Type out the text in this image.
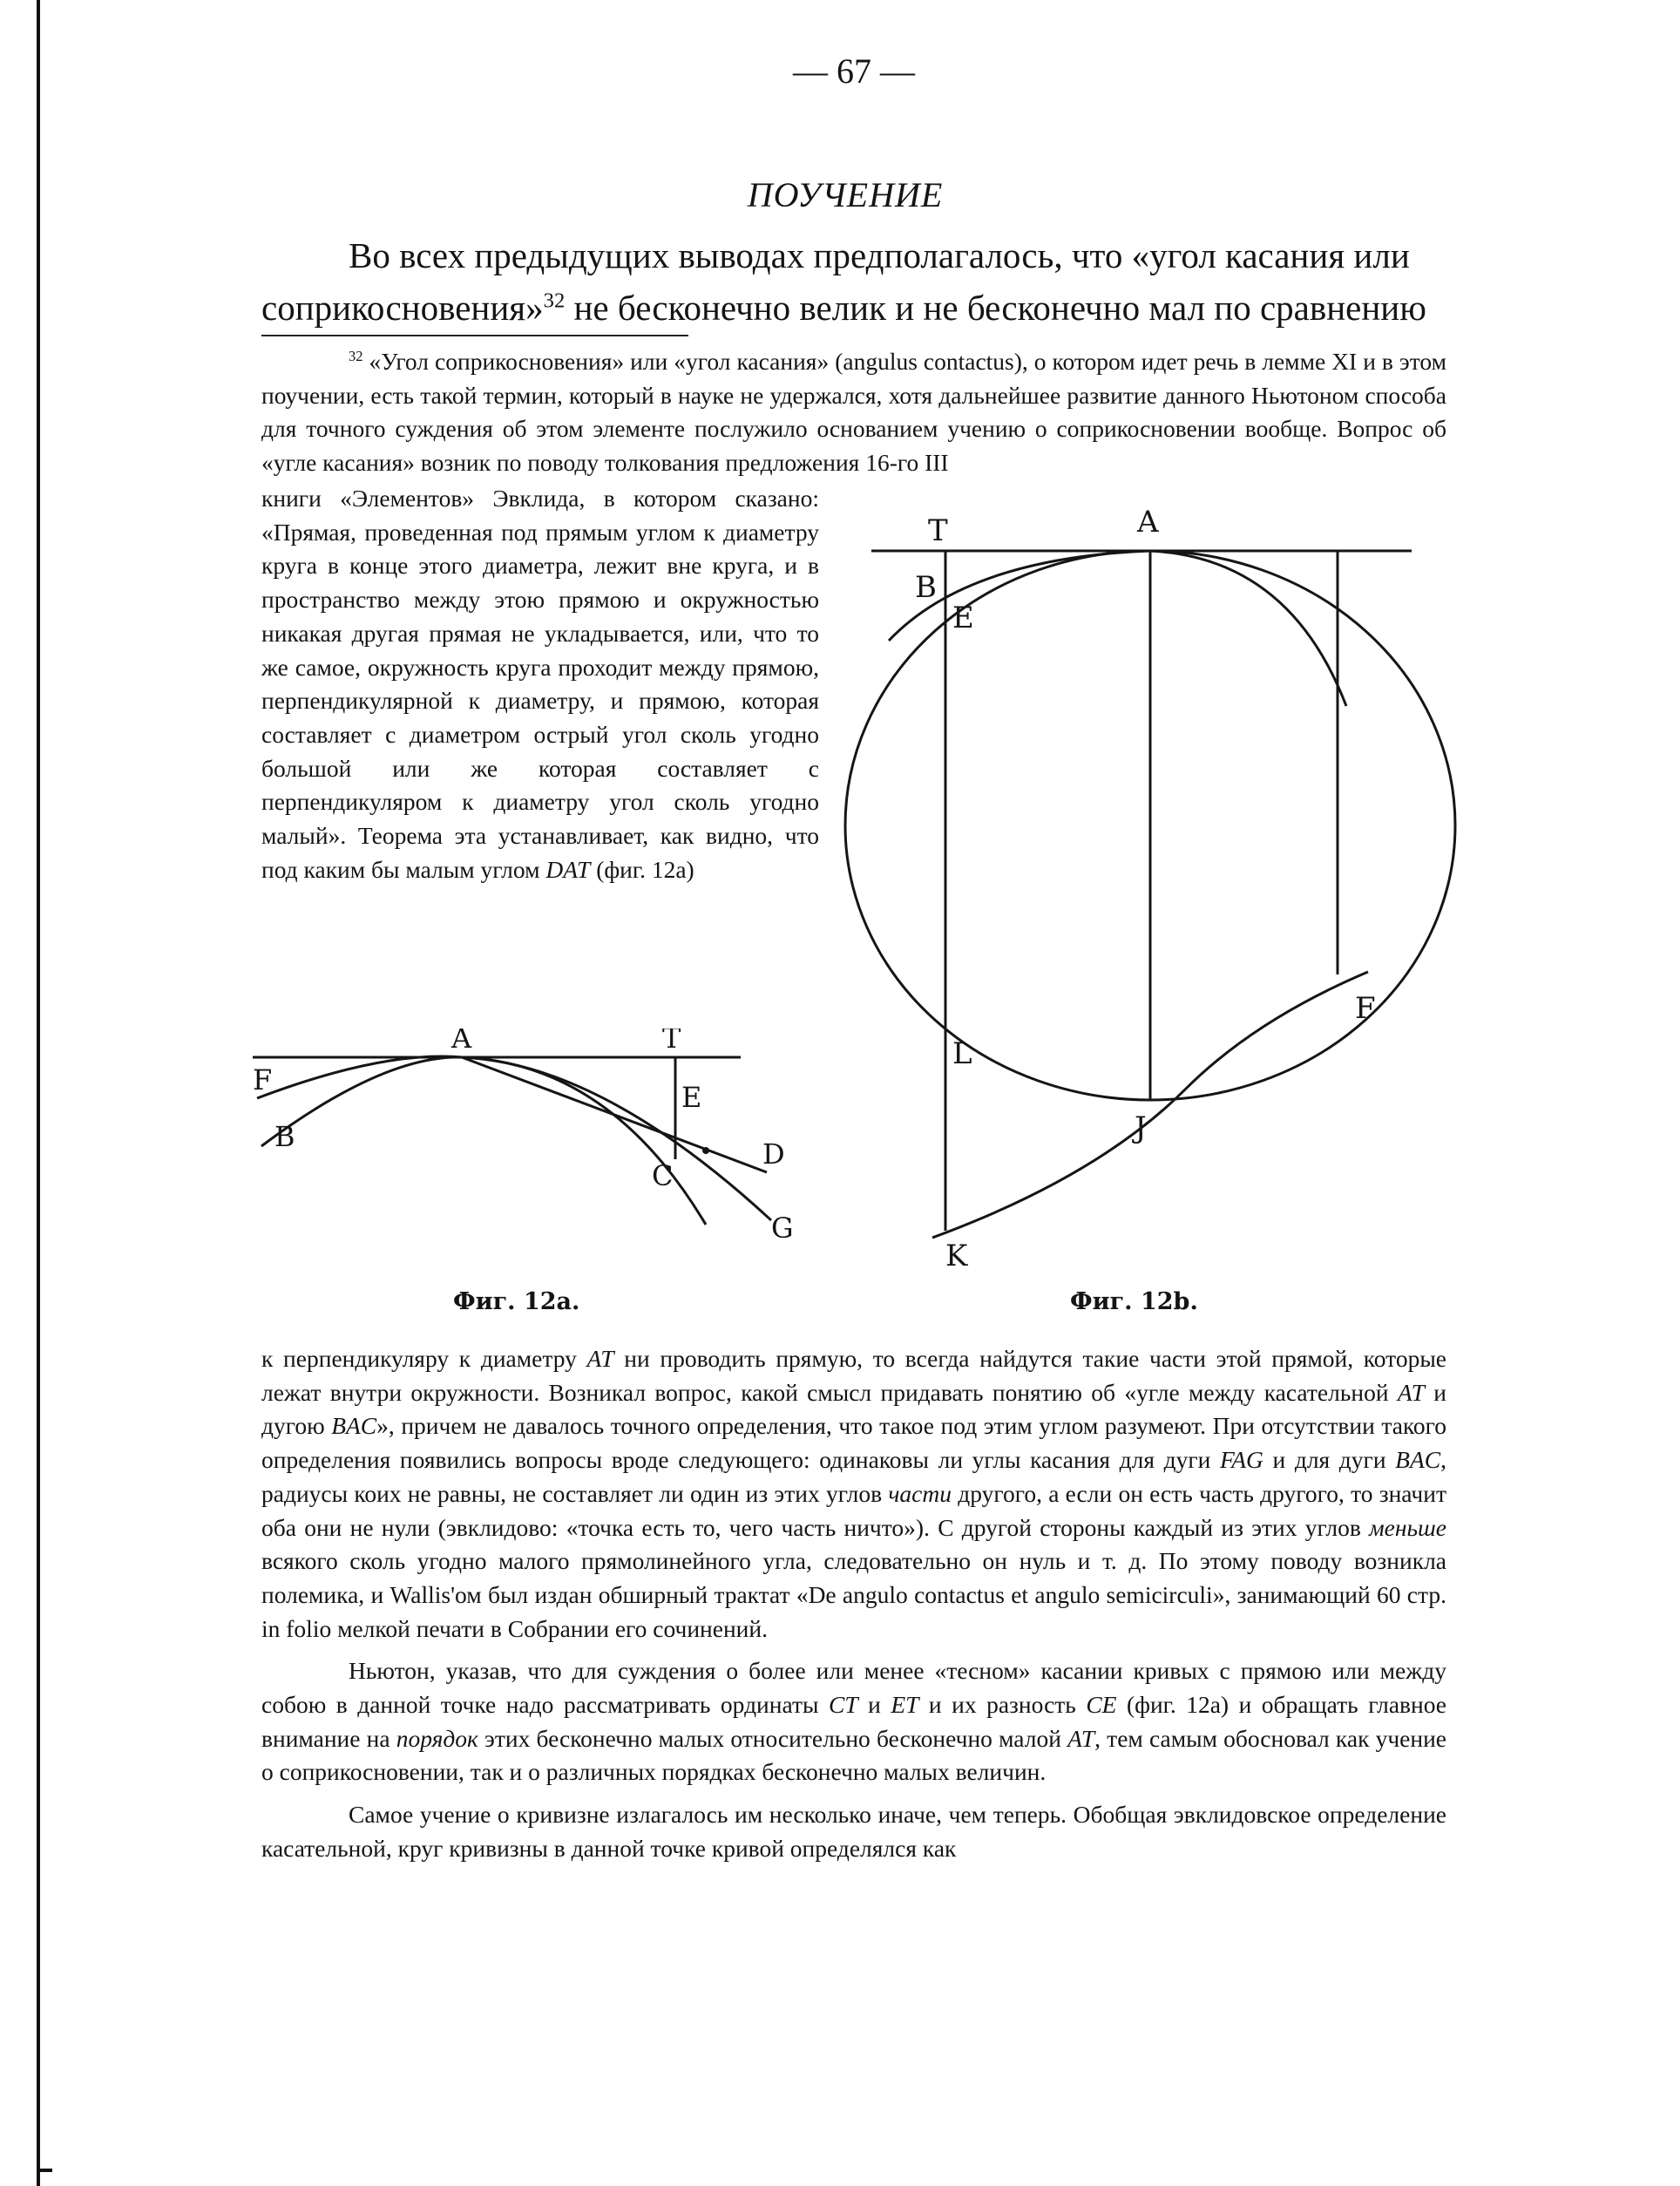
— 67 —
ПОУЧЕНИЕ
Во всех предыдущих выводах предполагалось, что «угол касания или
соприкосновения»$^{32}$ не бесконечно велик и не бесконечно мал по сравнению
$^{32}$ «Угол соприкосновения» или «угол касания» (angulus contactus), о котором идет речь в лемме XI и в этом поучении, есть такой термин, который в науке не удержался, хотя дальнейшее развитие данного Ньютоном способа для точного суждения об этом элементе послужило основанием учению о соприкосновении вообще. Вопрос об «угле касания» возник по поводу толкования предложения 16-го III
книги «Элементов» Эвклида, в котором сказано: «Прямая, проведенная под прямым углом к диаметру круга в конце этого диаметра, лежит вне круга, и в пространство между этою прямою и окружностью никакая другая прямая не укладывается, или, что то же самое, окружность круга проходит между прямою, перпендикулярной к диаметру, и прямою, которая составляет с диаметром острый угол сколь угодно большой или же которая составляет с перпендикуляром к диаметру угол сколь угодно малый». Теорема эта устанавливает, как видно, что под каким бы малым углом DAT (фиг. 12a)
T	A
B
E
F
L
J
K
A	T
F
B
E
C
D
G
Фиг. 12a.	Фиг. 12b.

к перпендикуляру к диаметру AT ни проводить прямую, то всегда найдутся такие части этой прямой, которые лежат внутри окружности. Возникал вопрос, какой смысл придавать понятию об «угле между касательной AT и дугою BAC», причем не давалось точного определения, что такое под этим углом разумеют. При отсутствии такого определения появились вопросы вроде следующего: одинаковы ли углы касания для дуги FAG и для дуги BAC, радиусы коих не равны, не составляет ли один из этих углов части другого, а если он есть часть другого, то значит оба они не нули (эвклидово: «точка есть то, чего часть ничто»). С другой стороны каждый из этих углов меньше всякого сколь угодно малого прямолинейного угла, следовательно он нуль и т. д. По этому поводу возникла полемика, и Wallis'ом был издан обширный трактат «De angulo contactus et angulo semicirculi», занимающий 60 стр. in folio мелкой печати в Собрании его сочинений.

Ньютон, указав, что для суждения о более или менее «тесном» касании кривых с прямою или между собою в данной точке надо рассматривать ординаты CT и ET и их разность CE (фиг. 12a) и обращать главное внимание на порядок этих бесконечно малых относительно бесконечно малой AT, тем самым обосновал как учение о соприкосновении, так и о различных порядках бесконечно малых величин.

Самое учение о кривизне излагалось им несколько иначе, чем теперь. Обобщая эвклидовское определение касательной, круг кривизны в данной точке кривой определялся как
